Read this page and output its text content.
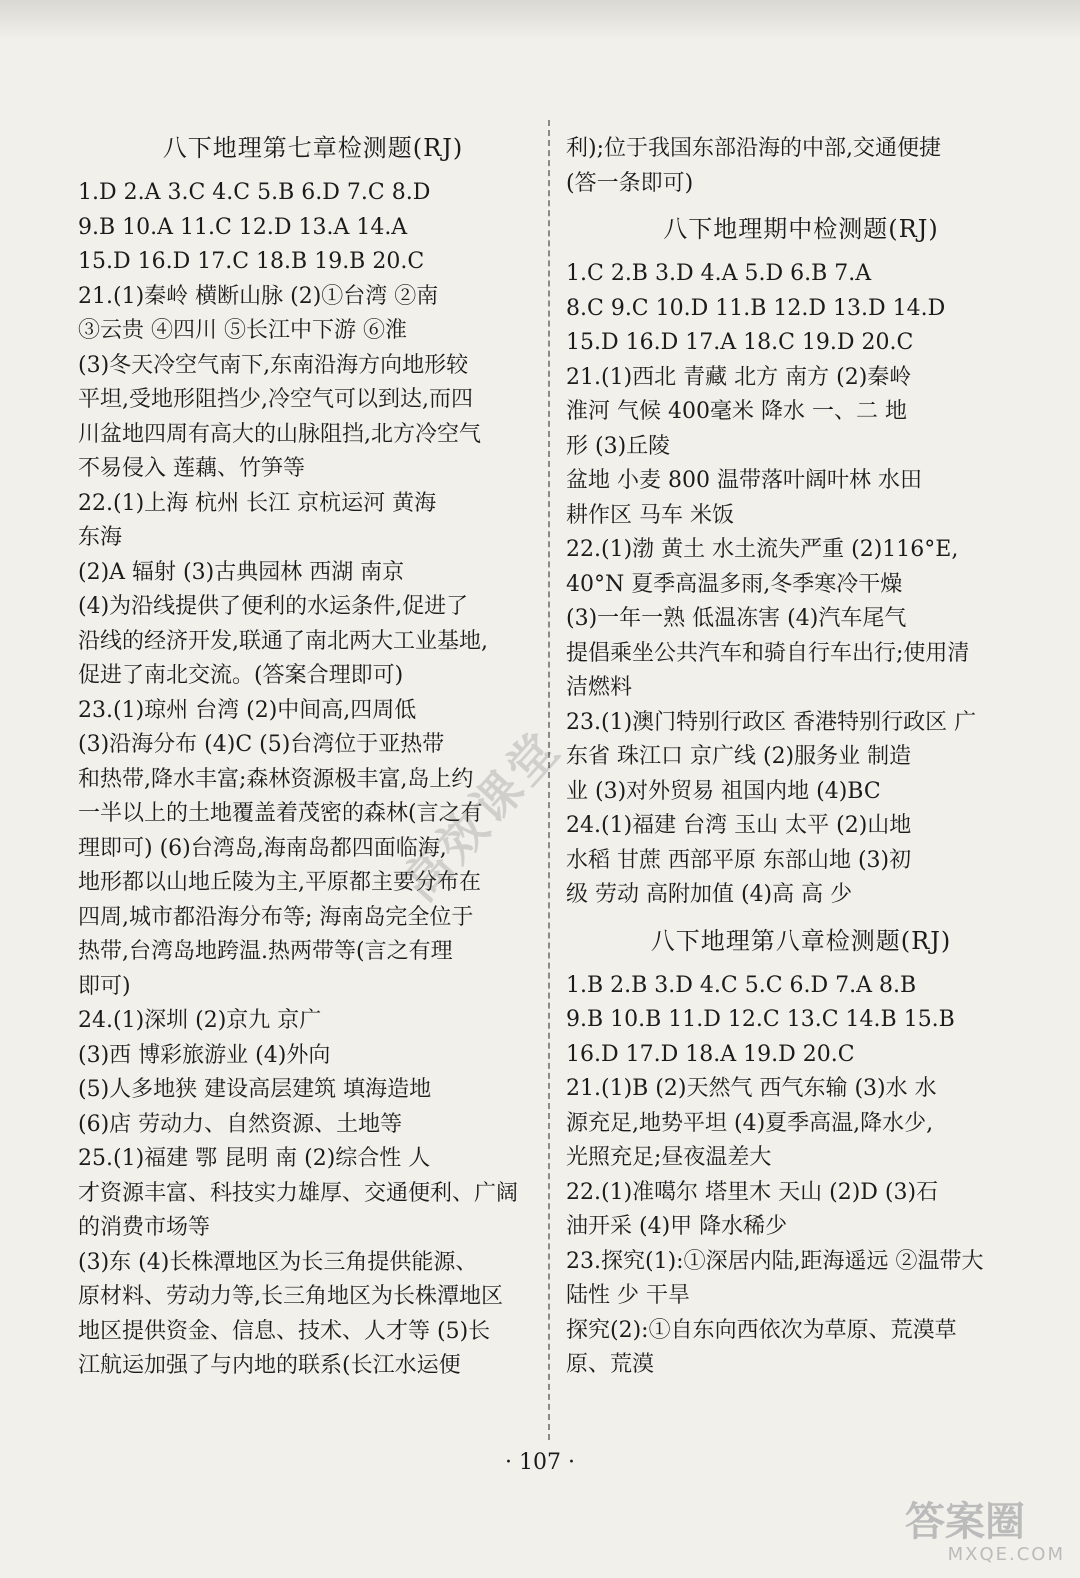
八下地理第七章检测题(RJ)
1.D 2.A 3.C 4.C 5.B 6.D 7.C 8.D
9.B 10.A 11.C 12.D 13.A 14.A
15.D 16.D 17.C 18.B 19.B 20.C
21.(1)秦岭 横断山脉 (2)①台湾 ②南
③云贵 ④四川 ⑤长江中下游 ⑥淮
(3)冬天冷空气南下,东南沿海方向地形较
平坦,受地形阻挡少,冷空气可以到达,而四
川盆地四周有高大的山脉阻挡,北方冷空气
不易侵入 莲藕、竹笋等
22.(1)上海 杭州 长江 京杭运河 黄海
东海
(2)A 辐射 (3)古典园林 西湖 南京
(4)为沿线提供了便利的水运条件,促进了
沿线的经济开发,联通了南北两大工业基地,
促进了南北交流。(答案合理即可)
23.(1)琼州 台湾 (2)中间高,四周低
(3)沿海分布 (4)C (5)台湾位于亚热带
和热带,降水丰富;森林资源极丰富,岛上约
一半以上的土地覆盖着茂密的森林(言之有
理即可) (6)台湾岛,海南岛都四面临海,
地形都以山地丘陵为主,平原都主要分布在
四周,城市都沿海分布等; 海南岛完全位于
热带,台湾岛地跨温.热两带等(言之有理
即可)
24.(1)深圳 (2)京九 京广
(3)西 博彩旅游业 (4)外向
(5)人多地狭 建设高层建筑 填海造地
(6)店 劳动力、自然资源、土地等
25.(1)福建 鄂 昆明 南 (2)综合性 人
才资源丰富、科技实力雄厚、交通便利、广阔
的消费市场等
(3)东 (4)长株潭地区为长三角提供能源、
原材料、劳动力等,长三角地区为长株潭地区
地区提供资金、信息、技术、人才等 (5)长
江航运加强了与内地的联系(长江水运便
利);位于我国东部沿海的中部,交通便捷
(答一条即可)
八下地理期中检测题(RJ)
1.C 2.B 3.D 4.A 5.D 6.B 7.A
8.C 9.C 10.D 11.B 12.D 13.D 14.D
15.D 16.D 17.A 18.C 19.D 20.C
21.(1)西北 青藏 北方 南方 (2)秦岭
淮河 气候 400毫米 降水 一、二 地
形 (3)丘陵
盆地 小麦 800 温带落叶阔叶林 水田
耕作区 马车 米饭
22.(1)渤 黄土 水土流失严重 (2)116°E,
40°N 夏季高温多雨,冬季寒冷干燥
(3)一年一熟 低温冻害 (4)汽车尾气
提倡乘坐公共汽车和骑自行车出行;使用清
洁燃料
23.(1)澳门特别行政区 香港特别行政区 广
东省 珠江口 京广线 (2)服务业 制造
业 (3)对外贸易 祖国内地 (4)BC
24.(1)福建 台湾 玉山 太平 (2)山地
水稻 甘蔗 西部平原 东部山地 (3)初
级 劳动 高附加值 (4)高 高 少
八下地理第八章检测题(RJ)
1.B 2.B 3.D 4.C 5.C 6.D 7.A 8.B
9.B 10.B 11.D 12.C 13.C 14.B 15.B
16.D 17.D 18.A 19.D 20.C
21.(1)B (2)天然气 西气东输 (3)水 水
源充足,地势平坦 (4)夏季高温,降水少,
光照充足;昼夜温差大
22.(1)准噶尔 塔里木 天山 (2)D (3)石
油开采 (4)甲 降水稀少
23.探究(1):①深居内陆,距海遥远 ②温带大
陆性 少 干旱
探究(2):①自东向西依次为草原、荒漠草
原、荒漠
· 107 ·
高效课堂
答案圈
MXQE.COM
